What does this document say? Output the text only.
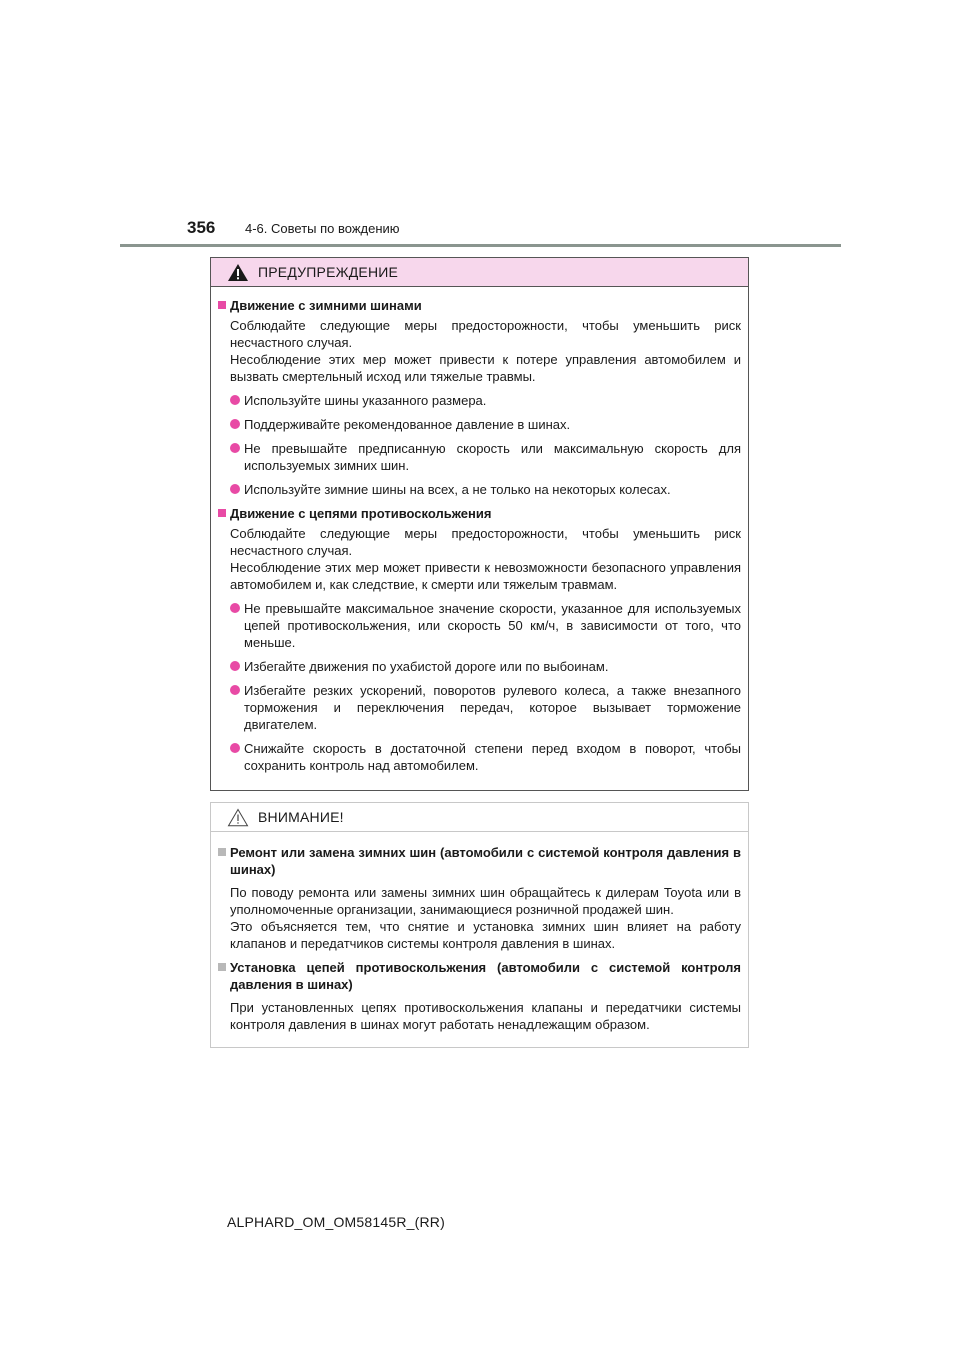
356	4-6. Советы по вождению
ПРЕДУПРЕЖДЕНИЕ
Движение с зимними шинами
Соблюдайте следующие меры предосторожности, чтобы уменьшить риск несчастного случая.
Несоблюдение этих мер может привести к потере управления автомобилем и вызвать смертельный исход или тяжелые травмы.
Используйте шины указанного размера.
Поддерживайте рекомендованное давление в шинах.
Не превышайте предписанную скорость или максимальную скорость для используемых зимних шин.
Используйте зимние шины на всех, а не только на некоторых колесах.
Движение с цепями противоскольжения
Соблюдайте следующие меры предосторожности, чтобы уменьшить риск несчастного случая.
Несоблюдение этих мер может привести к невозможности безопасного управления автомобилем и, как следствие, к смерти или тяжелым травмам.
Не превышайте максимальное значение скорости, указанное для используемых цепей противоскольжения, или скорость 50 км/ч, в зависимости от того, что меньше.
Избегайте движения по ухабистой дороге или по выбоинам.
Избегайте резких ускорений, поворотов рулевого колеса, а также внезапного торможения и переключения передач, которое вызывает торможение двигателем.
Снижайте скорость в достаточной степени перед входом в поворот, чтобы сохранить контроль над автомобилем.
ВНИМАНИЕ!
Ремонт или замена зимних шин (автомобили с системой контроля давления в шинах)
По поводу ремонта или замены зимних шин обращайтесь к дилерам Toyota или в уполномоченные организации, занимающиеся розничной продажей шин.
Это объясняется тем, что снятие и установка зимних шин влияет на работу клапанов и передатчиков системы контроля давления в шинах.
Установка цепей противоскольжения (автомобили с системой контроля давления в шинах)
При установленных цепях противоскольжения клапаны и передатчики системы контроля давления в шинах могут работать ненадлежащим образом.
ALPHARD_OM_OM58145R_(RR)
